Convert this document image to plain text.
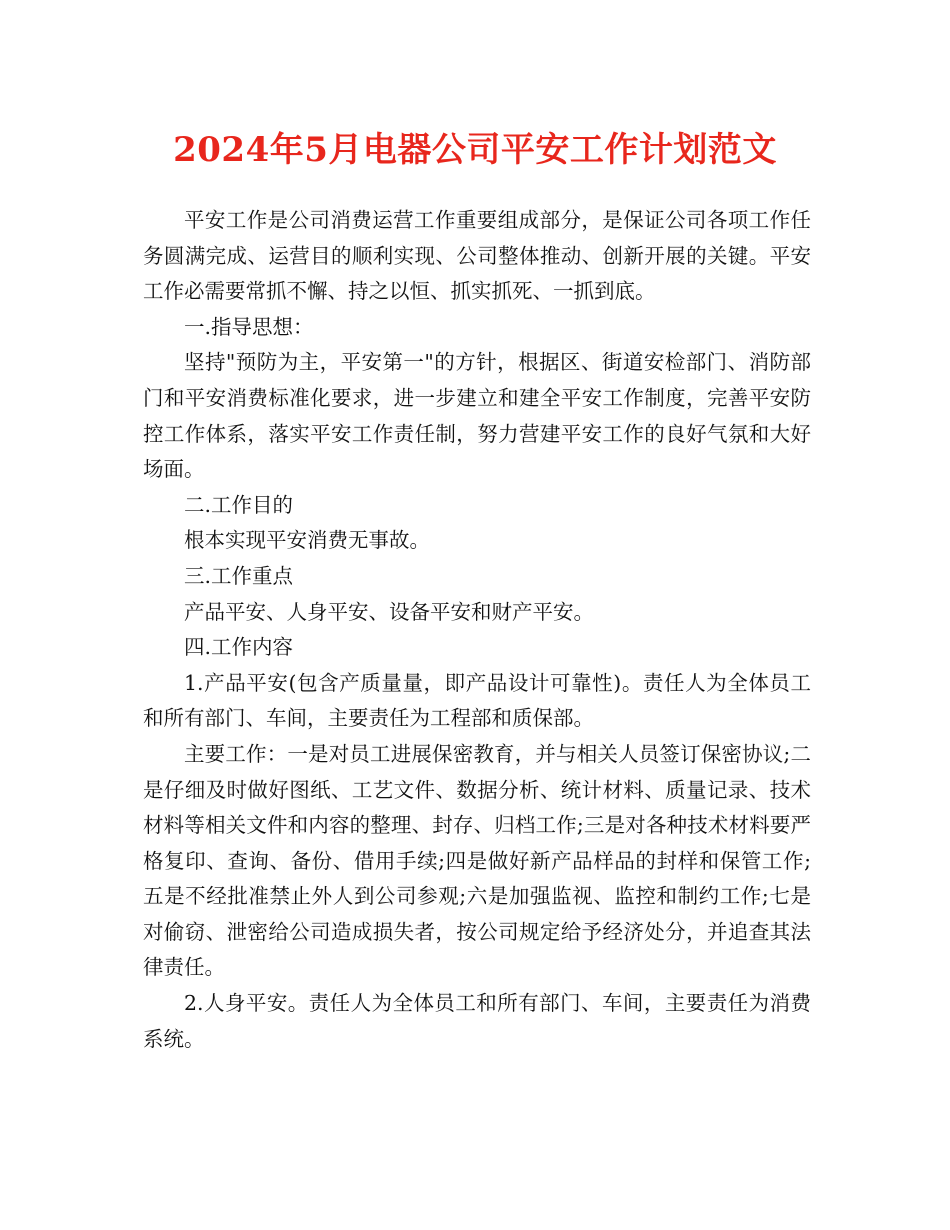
2024年5月电器公司平安工作计划范文

平安工作是公司消费运营工作重要组成部分，是保证公司各项工作任务圆满完成、运营目的顺利实现、公司整体推动、创新开展的关键。平安工作必需要常抓不懈、持之以恒、抓实抓死、一抓到底。

一.指导思想：

坚持"预防为主，平安第一"的方针，根据区、街道安检部门、消防部门和平安消费标准化要求，进一步建立和建全平安工作制度，完善平安防控工作体系，落实平安工作责任制，努力营建平安工作的良好气氛和大好场面。

二.工作目的

根本实现平安消费无事故。

三.工作重点

产品平安、人身平安、设备平安和财产平安。

四.工作内容

1.产品平安(包含产质量量，即产品设计可靠性)。责任人为全体员工和所有部门、车间，主要责任为工程部和质保部。

主要工作：一是对员工进展保密教育，并与相关人员签订保密协议;二是仔细及时做好图纸、工艺文件、数据分析、统计材料、质量记录、技术材料等相关文件和内容的整理、封存、归档工作;三是对各种技术材料要严格复印、查询、备份、借用手续;四是做好新产品样品的封样和保管工作;五是不经批准禁止外人到公司参观;六是加强监视、监控和制约工作;七是对偷窃、泄密给公司造成损失者，按公司规定给予经济处分，并追查其法律责任。

2.人身平安。责任人为全体员工和所有部门、车间，主要责任为消费系统。
